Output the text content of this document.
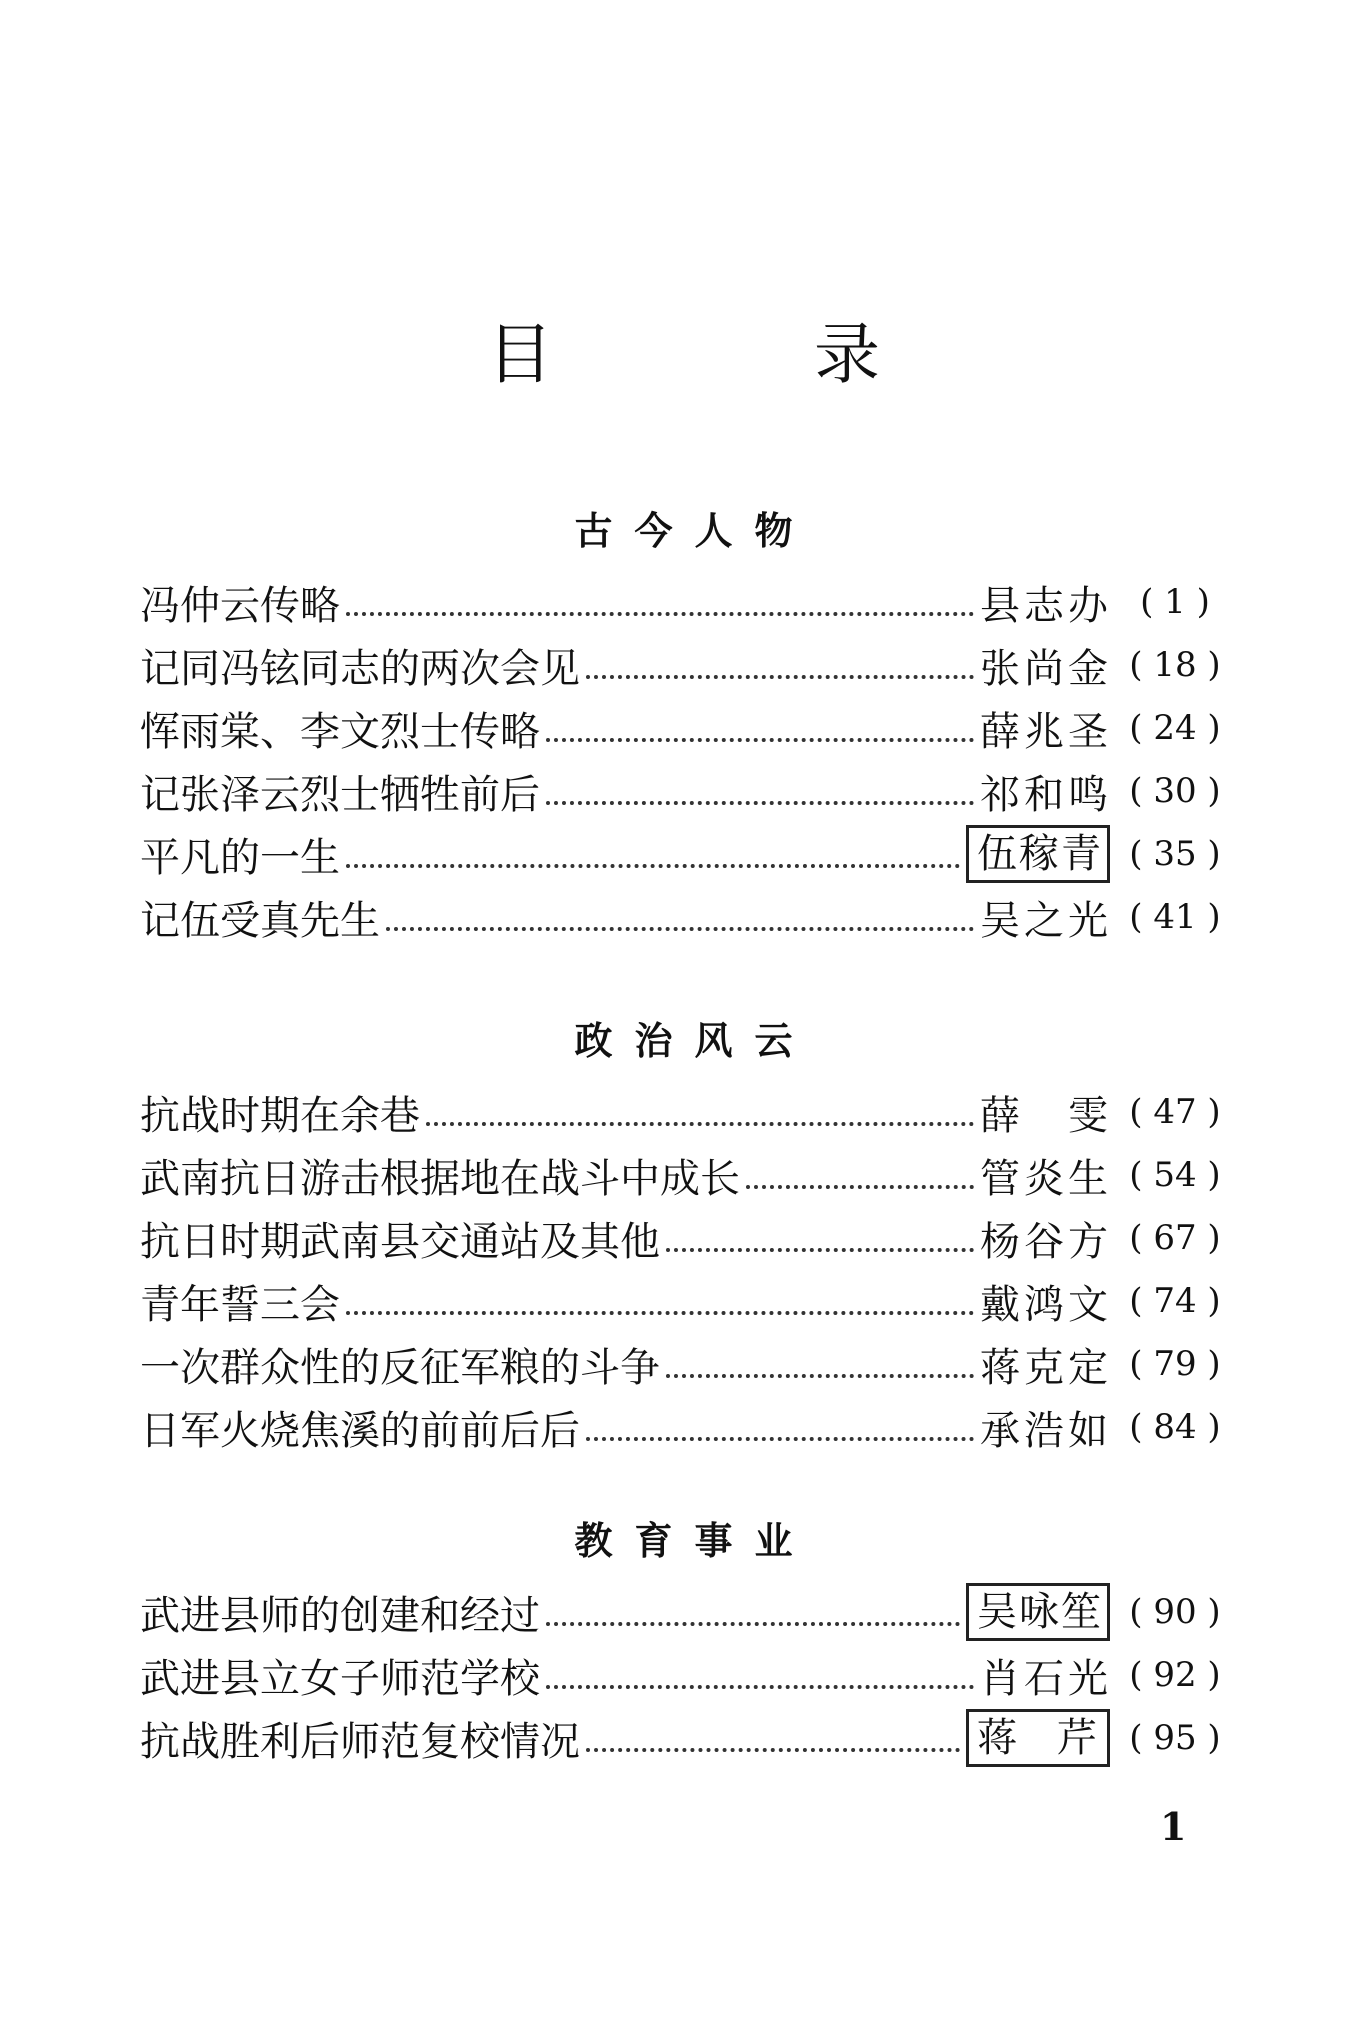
目 录
古今人物
冯仲云传略	县志办 ( 1 )
记同冯铉同志的两次会见	张尚金 ( 18 )
恽雨棠、李文烈士传略	薛兆圣 ( 24 )
记张泽云烈士牺牲前后	祁和鸣 ( 30 )
平凡的一生	伍稼青 ( 35 )
记伍受真先生	吴之光 ( 41 )
政治风云
抗战时期在余巷	薛 雯 ( 47 )
武南抗日游击根据地在战斗中成长	管炎生 ( 54 )
抗日时期武南县交通站及其他	杨谷方 ( 67 )
青年誓三会	戴鸿文 ( 74 )
一次群众性的反征军粮的斗争	蒋克定 ( 79 )
日军火烧焦溪的前前后后	承浩如 ( 84 )
教育事业
武进县师的创建和经过	吴咏笙 ( 90 )
武进县立女子师范学校	肖石光 ( 92 )
抗战胜利后师范复校情况	蒋 芹 ( 95 )
1
